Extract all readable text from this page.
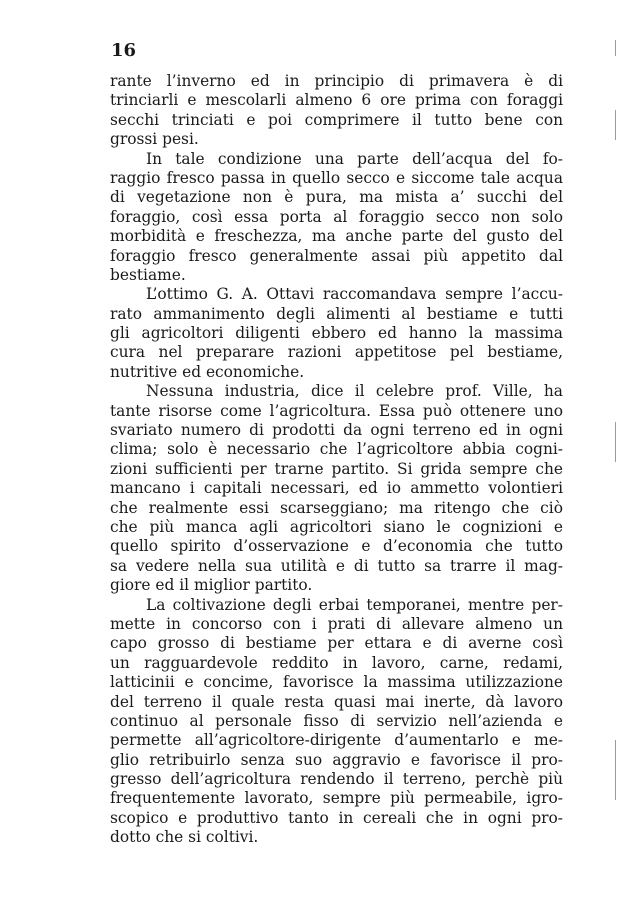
16
rante l’inverno ed in principio di primavera è di
trinciarli e mescolarli almeno 6 ore prima con foraggi
secchi trinciati e poi comprimere il tutto bene con
grossi pesi.
In tale condizione una parte dell’acqua del fo-
raggio fresco passa in quello secco e siccome tale acqua
di vegetazione non è pura, ma mista a’ succhi del
foraggio, così essa porta al foraggio secco non solo
morbidità e freschezza, ma anche parte del gusto del
foraggio fresco generalmente assai più appetito dal
bestiame.
L’ottimo G. A. Ottavi raccomandava sempre l’accu-
rato ammanimento degli alimenti al bestiame e tutti
gli agricoltori diligenti ebbero ed hanno la massima
cura nel preparare razioni appetitose pel bestiame,
nutritive ed economiche.
Nessuna industria, dice il celebre prof. Ville, ha
tante risorse come l’agricoltura. Essa può ottenere uno
svariato numero di prodotti da ogni terreno ed in ogni
clima; solo è necessario che l’agricoltore abbia cogni-
zioni sufficienti per trarne partito. Si grida sempre che
mancano i capitali necessari, ed io ammetto volontieri
che realmente essi scarseggiano; ma ritengo che ciò
che più manca agli agricoltori siano le cognizioni e
quello spirito d’osservazione e d’economia che tutto
sa vedere nella sua utilità e di tutto sa trarre il mag-
giore ed il miglior partito.
La coltivazione degli erbai temporanei, mentre per-
mette in concorso con i prati di allevare almeno un
capo grosso di bestiame per ettara e di averne così
un ragguardevole reddito in lavoro, carne, redami,
latticinii e concime, favorisce la massima utilizzazione
del terreno il quale resta quasi mai inerte, dà lavoro
continuo al personale fisso di servizio nell’azienda e
permette all’agricoltore-dirigente d’aumentarlo e me-
glio retribuirlo senza suo aggravio e favorisce il pro-
gresso dell’agricoltura rendendo il terreno, perchè più
frequentemente lavorato, sempre più permeabile, igro-
scopico e produttivo tanto in cereali che in ogni pro-
dotto che si coltivi.
